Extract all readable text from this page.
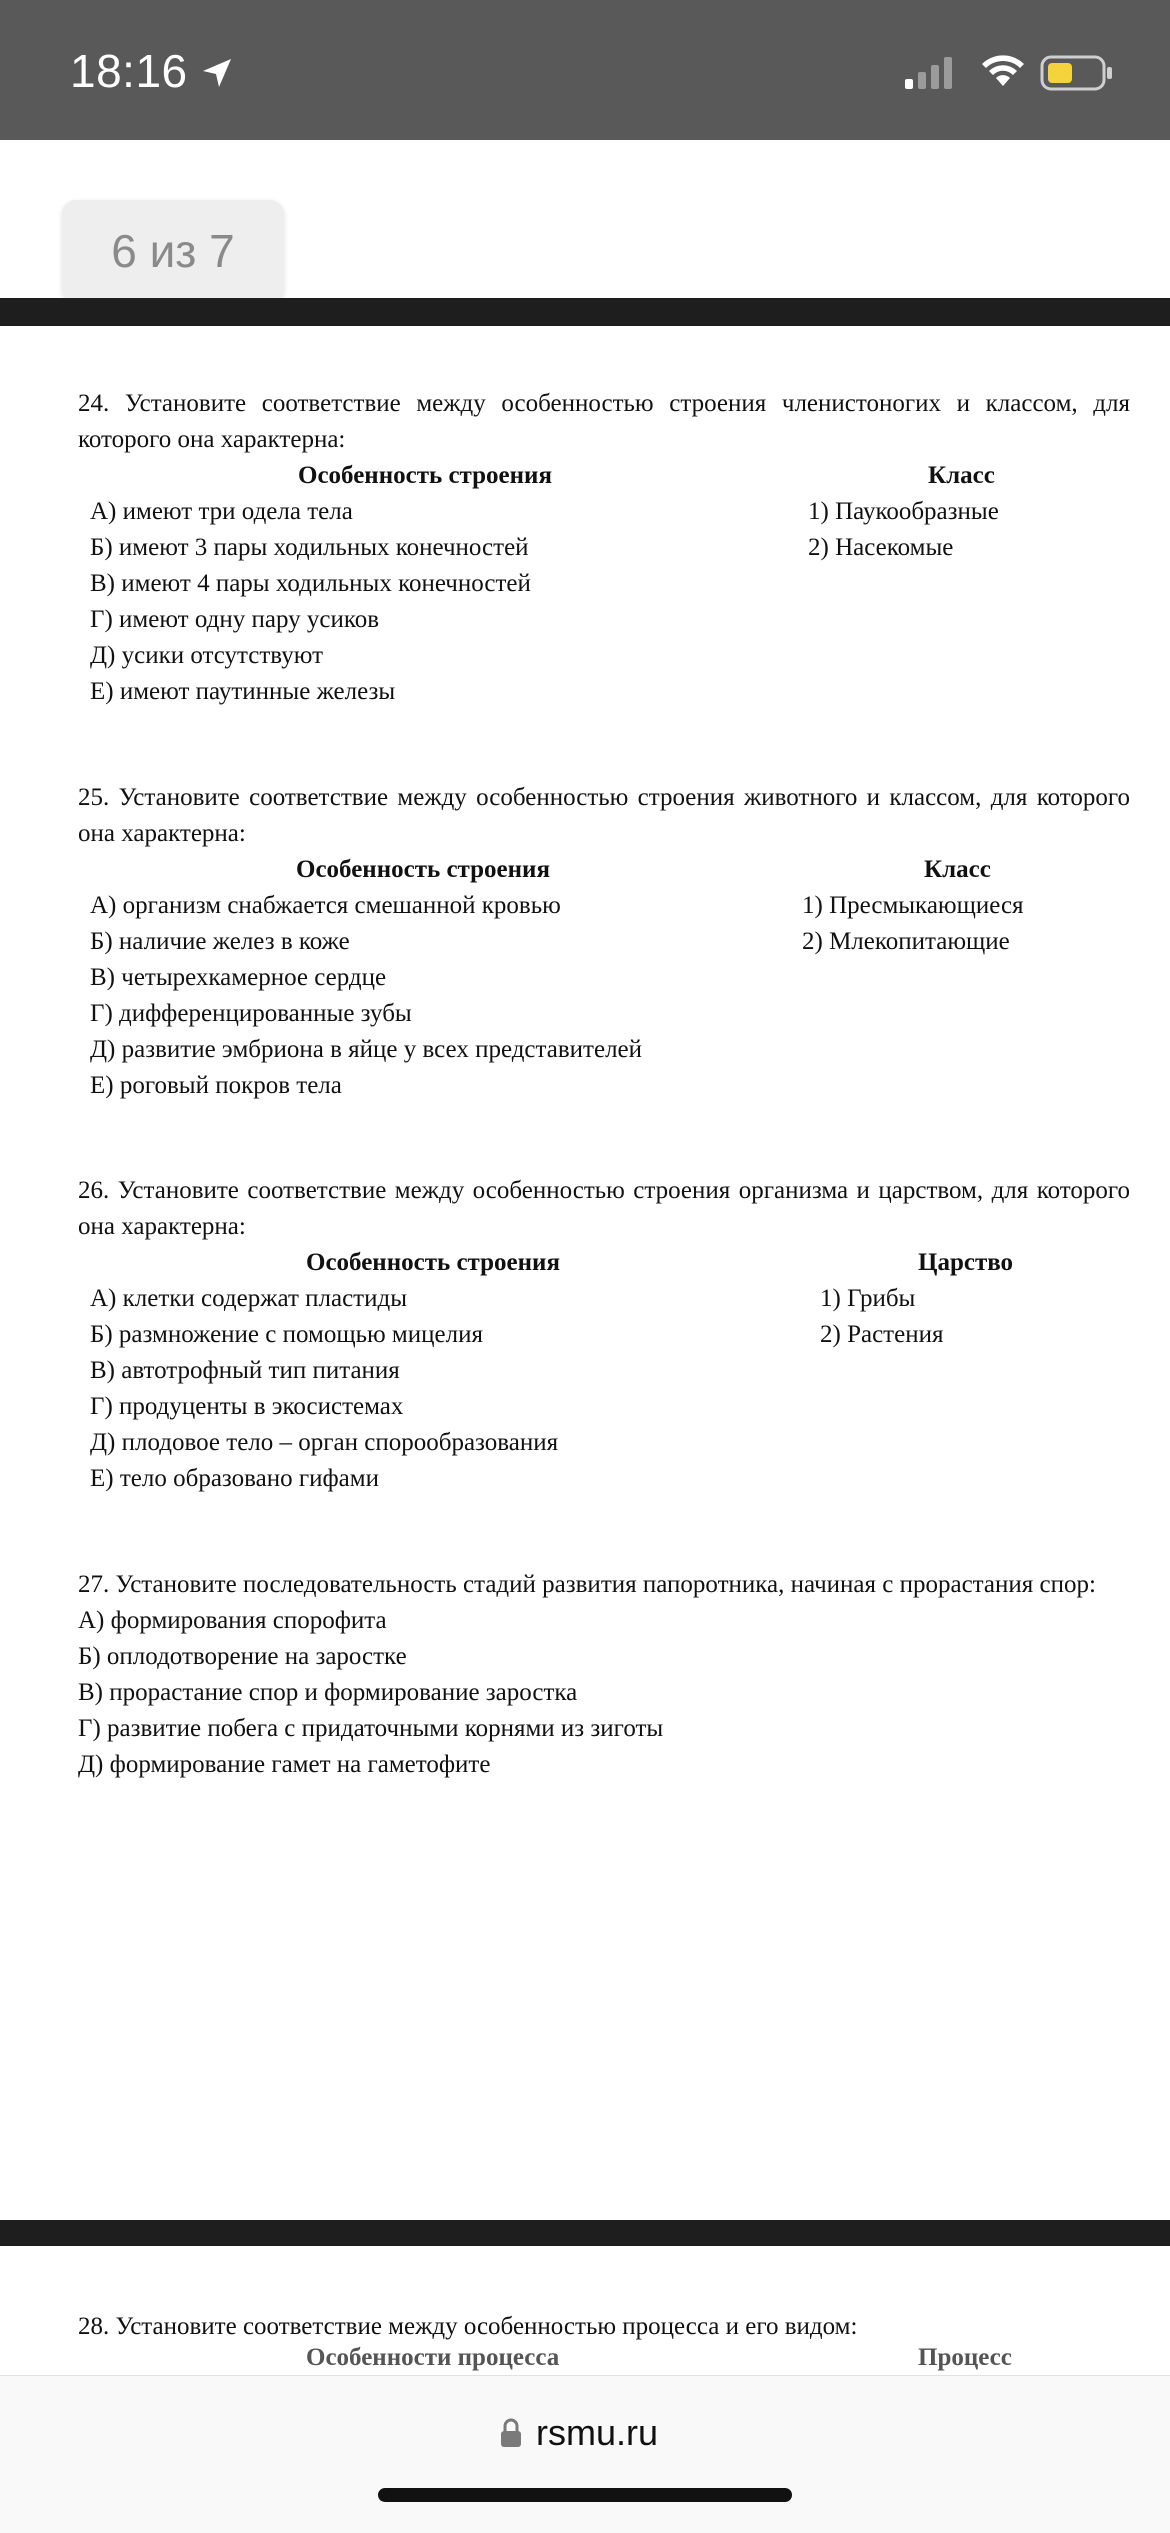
18:16
6 из 7

24. Установите соответствие между особенностью строения членистоногих и классом, для которого она характерна:

Особенность строения	Класс
А) имеют три одела тела
Б) имеют 3 пары ходильных конечностей
В) имеют 4 пары ходильных конечностей
Г) имеют одну пару усиков
Д) усики отсутствуют
Е) имеют паутинные железы
1) Паукообразные
2) Насекомые

25. Установите соответствие между особенностью строения животного и классом, для которого она характерна:

Особенность строения	Класс
А) организм снабжается смешанной кровью
Б) наличие желез в коже
В) четырехкамерное сердце
Г) дифференцированные зубы
Д) развитие эмбриона в яйце у всех представителей
Е) роговый покров тела
1) Пресмыкающиеся
2) Млекопитающие

26. Установите соответствие между особенностью строения организма и царством, для которого она характерна:

Особенность строения	Царство
А) клетки содержат пластиды
Б) размножение с помощью мицелия
В) автотрофный тип питания
Г) продуценты в экосистемах
Д) плодовое тело – орган спорообразования
Е) тело образовано гифами
1) Грибы
2) Растения

27. Установите последовательность стадий развития папоротника, начиная с прорастания спор:

А) формирования спорофита
Б) оплодотворение на заростке
В) прорастание спор и формирование заростка
Г) развитие побега с придаточными корнями из зиготы
Д) формирование гамет на гаметофите

28. Установите соответствие между особенностью процесса и его видом:

Особенности процесса	Процесс
rsmu.ru
